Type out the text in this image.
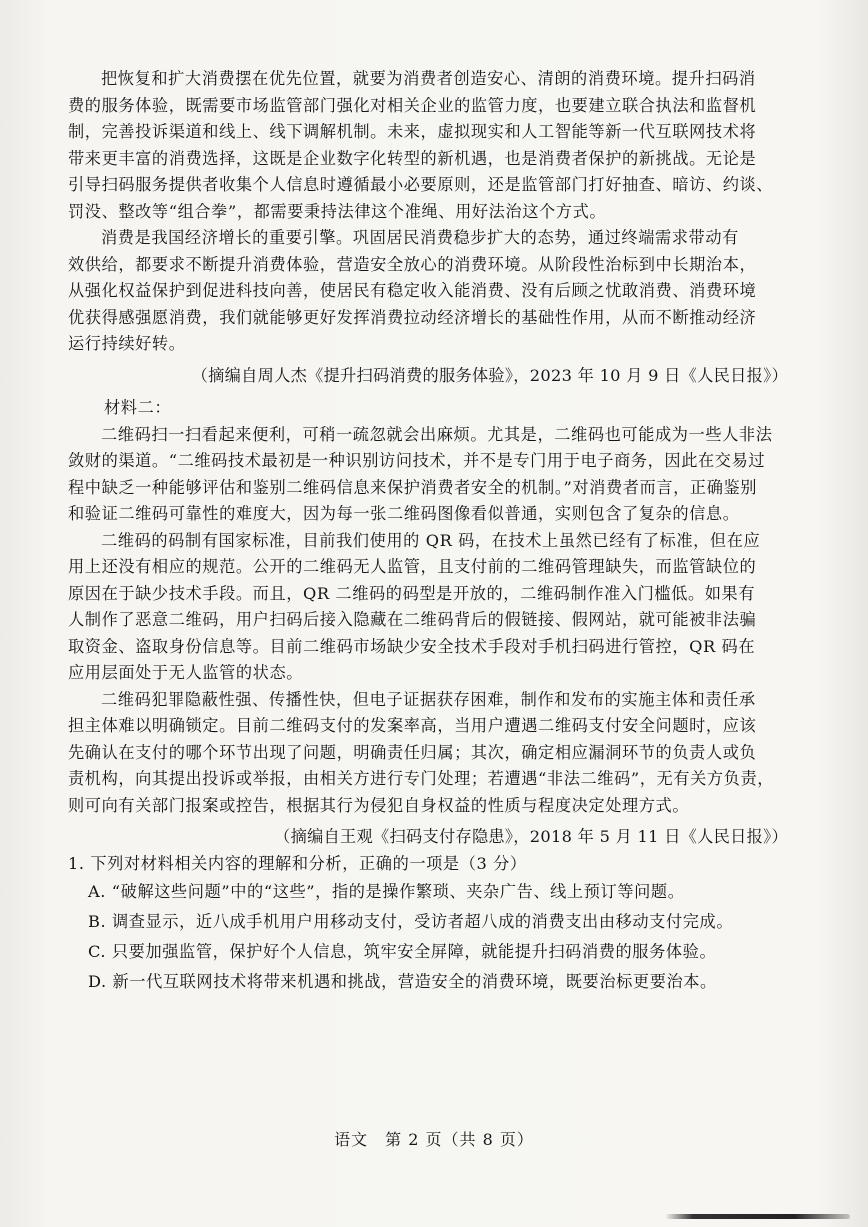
把恢复和扩大消费摆在优先位置，就要为消费者创造安心、清朗的消费环境。提升扫码消
费的服务体验，既需要市场监管部门强化对相关企业的监管力度，也要建立联合执法和监督机
制，完善投诉渠道和线上、线下调解机制。未来，虚拟现实和人工智能等新一代互联网技术将
带来更丰富的消费选择，这既是企业数字化转型的新机遇，也是消费者保护的新挑战。无论是
引导扫码服务提供者收集个人信息时遵循最小必要原则，还是监管部门打好抽查、暗访、约谈、
罚没、整改等“组合拳”，都需要秉持法律这个准绳、用好法治这个方式。
消费是我国经济增长的重要引擎。巩固居民消费稳步扩大的态势，通过终端需求带动有
效供给，都要求不断提升消费体验，营造安全放心的消费环境。从阶段性治标到中长期治本，
从强化权益保护到促进科技向善，使居民有稳定收入能消费、没有后顾之忧敢消费、消费环境
优获得感强愿消费，我们就能够更好发挥消费拉动经济增长的基础性作用，从而不断推动经济
运行持续好转。
（摘编自周人杰《提升扫码消费的服务体验》，2023 年 10 月 9 日《人民日报》）
材料二：
二维码扫一扫看起来便利，可稍一疏忽就会出麻烦。尤其是，二维码也可能成为一些人非法
敛财的渠道。“二维码技术最初是一种识别访问技术，并不是专门用于电子商务，因此在交易过
程中缺乏一种能够评估和鉴别二维码信息来保护消费者安全的机制。”对消费者而言，正确鉴别
和验证二维码可靠性的难度大，因为每一张二维码图像看似普通，实则包含了复杂的信息。
二维码的码制有国家标准，目前我们使用的 QR 码，在技术上虽然已经有了标准，但在应
用上还没有相应的规范。公开的二维码无人监管，且支付前的二维码管理缺失，而监管缺位的
原因在于缺少技术手段。而且，QR 二维码的码型是开放的，二维码制作准入门槛低。如果有
人制作了恶意二维码，用户扫码后接入隐藏在二维码背后的假链接、假网站，就可能被非法骗
取资金、盗取身份信息等。目前二维码市场缺少安全技术手段对手机扫码进行管控，QR 码在
应用层面处于无人监管的状态。
二维码犯罪隐蔽性强、传播性快，但电子证据获存困难，制作和发布的实施主体和责任承
担主体难以明确锁定。目前二维码支付的发案率高，当用户遭遇二维码支付安全问题时，应该
先确认在支付的哪个环节出现了问题，明确责任归属；其次，确定相应漏洞环节的负责人或负
责机构，向其提出投诉或举报，由相关方进行专门处理；若遭遇“非法二维码”，无有关方负责，
则可向有关部门报案或控告，根据其行为侵犯自身权益的性质与程度决定处理方式。
（摘编自王观《扫码支付存隐患》，2018 年 5 月 11 日《人民日报》）
1. 下列对材料相关内容的理解和分析，正确的一项是（3 分）
A. “破解这些问题”中的“这些”，指的是操作繁琐、夹杂广告、线上预订等问题。
B. 调查显示，近八成手机用户用移动支付，受访者超八成的消费支出由移动支付完成。
C. 只要加强监管，保护好个人信息，筑牢安全屏障，就能提升扫码消费的服务体验。
D. 新一代互联网技术将带来机遇和挑战，营造安全的消费环境，既要治标更要治本。
语文　第 2 页（共 8 页）
